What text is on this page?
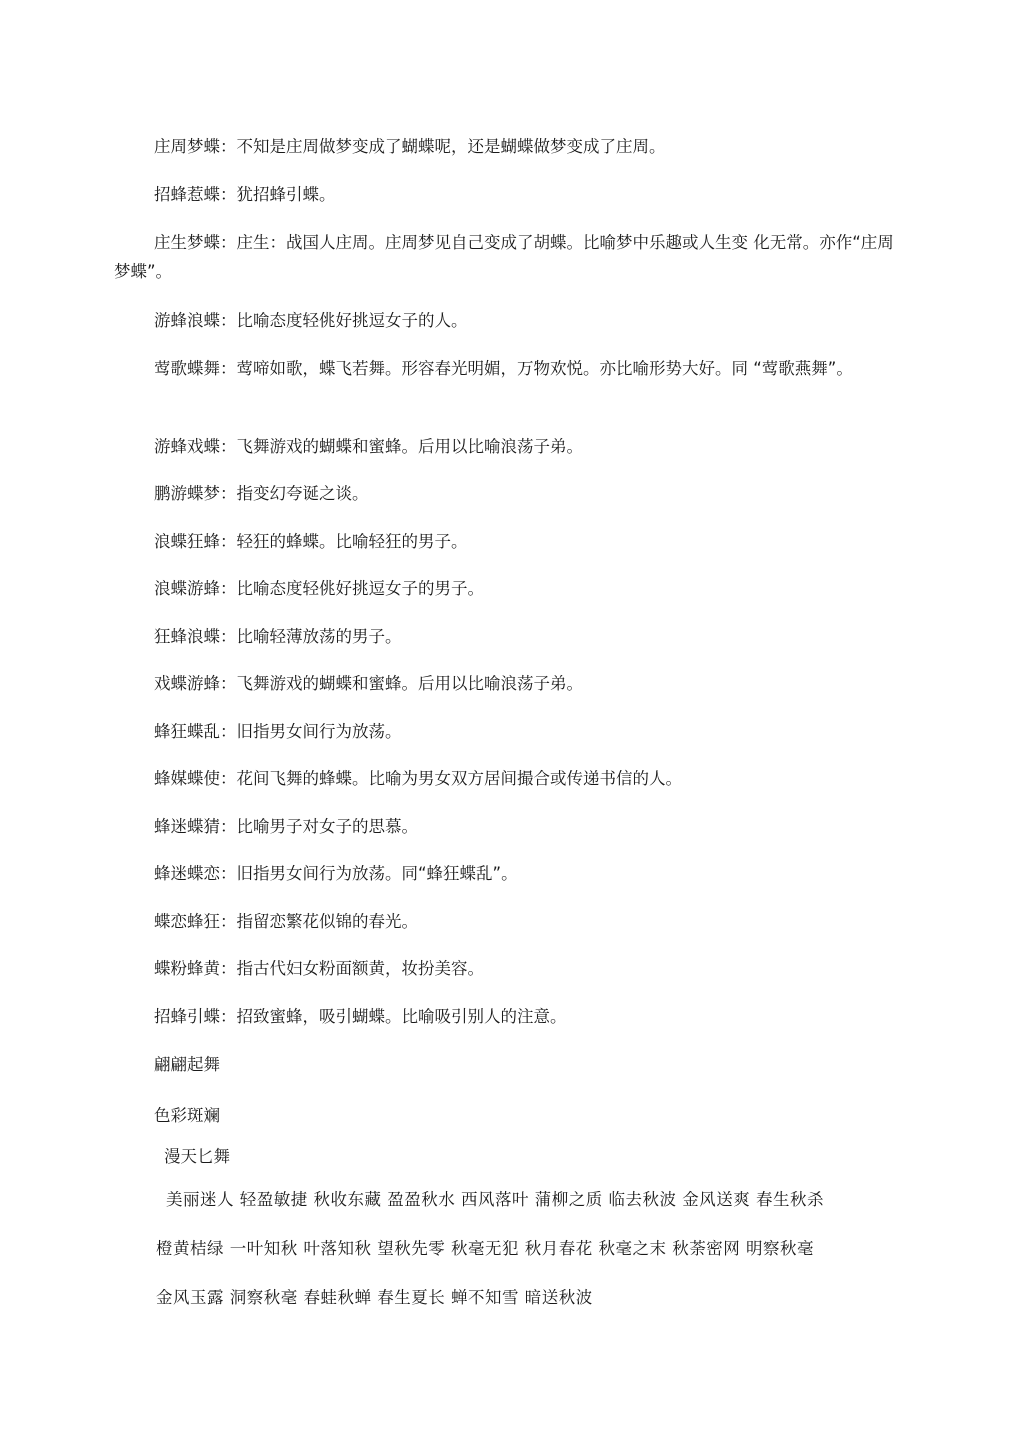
庄周梦蝶：不知是庄周做梦变成了蝴蝶呢，还是蝴蝶做梦变成了庄周。

招蜂惹蝶：犹招蜂引蝶。

庄生梦蝶：庄生：战国人庄周。庄周梦见自己变成了胡蝶。比喻梦中乐趣或人生变 化无常。亦作“庄周梦蝶”。

游蜂浪蝶：比喻态度轻佻好挑逗女子的人。

莺歌蝶舞：莺啼如歌，蝶飞若舞。形容春光明媚，万物欢悦。亦比喻形势大好。同 “莺歌燕舞”。

游蜂戏蝶：飞舞游戏的蝴蝶和蜜蜂。后用以比喻浪荡子弟。

鹏游蝶梦：指变幻夸诞之谈。

浪蝶狂蜂：轻狂的蜂蝶。比喻轻狂的男子。

浪蝶游蜂：比喻态度轻佻好挑逗女子的男子。

狂蜂浪蝶：比喻轻薄放荡的男子。

戏蝶游蜂：飞舞游戏的蝴蝶和蜜蜂。后用以比喻浪荡子弟。

蜂狂蝶乱：旧指男女间行为放荡。

蜂媒蝶使：花间飞舞的蜂蝶。比喻为男女双方居间撮合或传递书信的人。

蜂迷蝶猜：比喻男子对女子的思慕。

蜂迷蝶恋：旧指男女间行为放荡。同“蜂狂蝶乱”。

蝶恋蜂狂：指留恋繁花似锦的春光。

蝶粉蜂黄：指古代妇女粉面额黄，妆扮美容。

招蜂引蝶：招致蜜蜂，吸引蝴蝶。比喻吸引别人的注意。

翩翩起舞

色彩斑斓

漫天匕舞

美丽迷人 轻盈敏捷 秋收东藏 盈盈秋水 西风落叶 蒲柳之质 临去秋波 金风送爽 春生秋杀

橙黄桔绿 一叶知秋 叶落知秋 望秋先零 秋毫无犯 秋月春花 秋毫之末 秋荼密网 明察秋毫

金风玉露 洞察秋毫 春蛙秋蝉 春生夏长 蝉不知雪 暗送秋波
